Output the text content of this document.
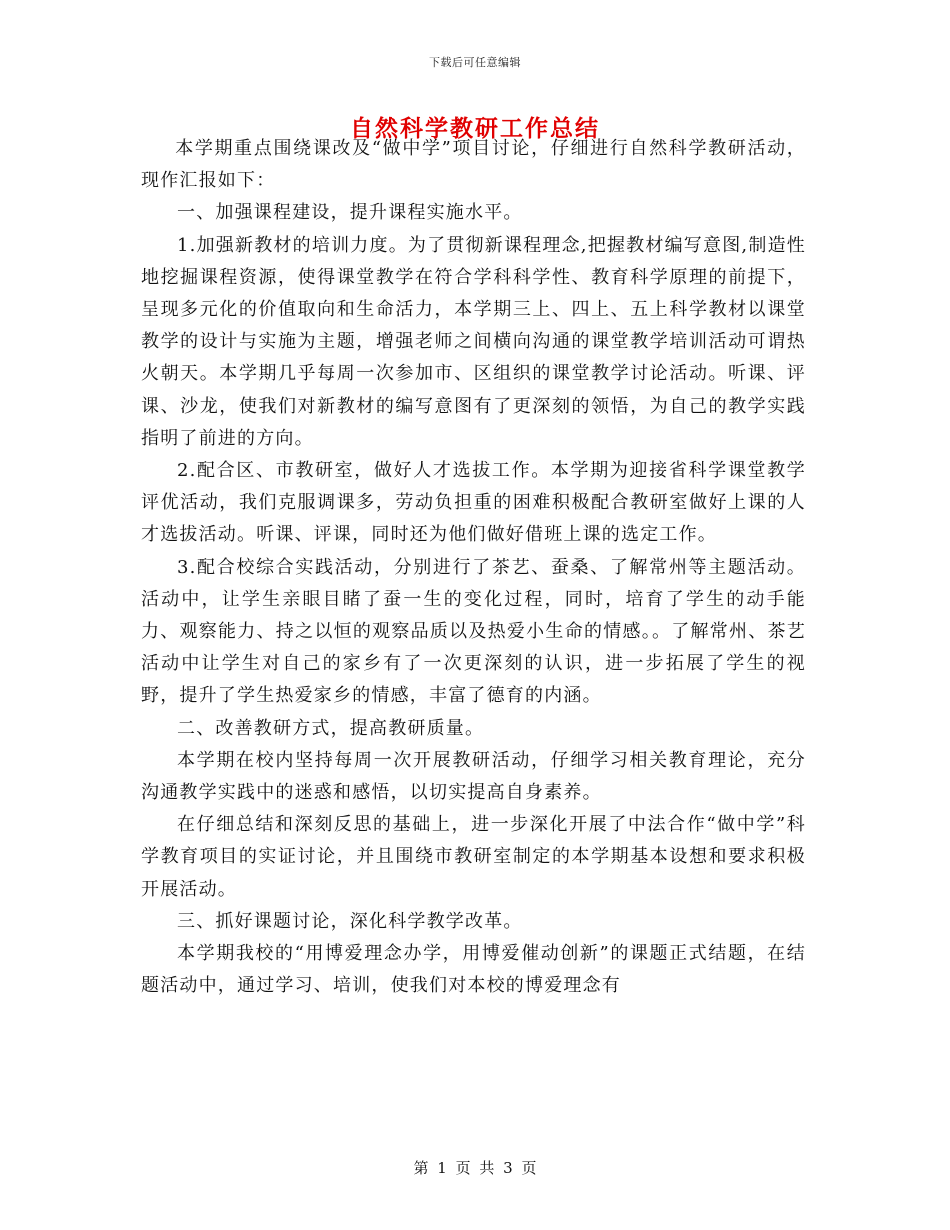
下载后可任意编辑
自然科学教研工作总结

本学期重点围绕课改及“做中学”项目讨论，仔细进行自然科学教研活动，现作汇报如下：

一、加强课程建设，提升课程实施水平。

1.加强新教材的培训力度。为了贯彻新课程理念,把握教材编写意图,制造性地挖掘课程资源，使得课堂教学在符合学科科学性、教育科学原理的前提下，呈现多元化的价值取向和生命活力，本学期三上、四上、五上科学教材以课堂教学的设计与实施为主题，增强老师之间横向沟通的课堂教学培训活动可谓热火朝天。本学期几乎每周一次参加市、区组织的课堂教学讨论活动。听课、评课、沙龙，使我们对新教材的编写意图有了更深刻的领悟，为自己的教学实践指明了前进的方向。

2.配合区、市教研室，做好人才选拔工作。本学期为迎接省科学课堂教学评优活动，我们克服调课多，劳动负担重的困难积极配合教研室做好上课的人才选拔活动。听课、评课，同时还为他们做好借班上课的选定工作。

3.配合校综合实践活动，分别进行了茶艺、蚕桑、了解常州等主题活动。活动中，让学生亲眼目睹了蚕一生的变化过程，同时，培育了学生的动手能力、观察能力、持之以恒的观察品质以及热爱小生命的情感。。了解常州、茶艺活动中让学生对自己的家乡有了一次更深刻的认识，进一步拓展了学生的视野，提升了学生热爱家乡的情感，丰富了德育的内涵。

二、改善教研方式，提高教研质量。

本学期在校内坚持每周一次开展教研活动，仔细学习相关教育理论，充分沟通教学实践中的迷惑和感悟，以切实提高自身素养。

在仔细总结和深刻反思的基础上，进一步深化开展了中法合作“做中学”科学教育项目的实证讨论，并且围绕市教研室制定的本学期基本设想和要求积极开展活动。

三、抓好课题讨论，深化科学教学改革。

本学期我校的“用博爱理念办学，用博爱催动创新”的课题正式结题，在结题活动中，通过学习、培训，使我们对本校的博爱理念有

第 1 页 共 3 页
